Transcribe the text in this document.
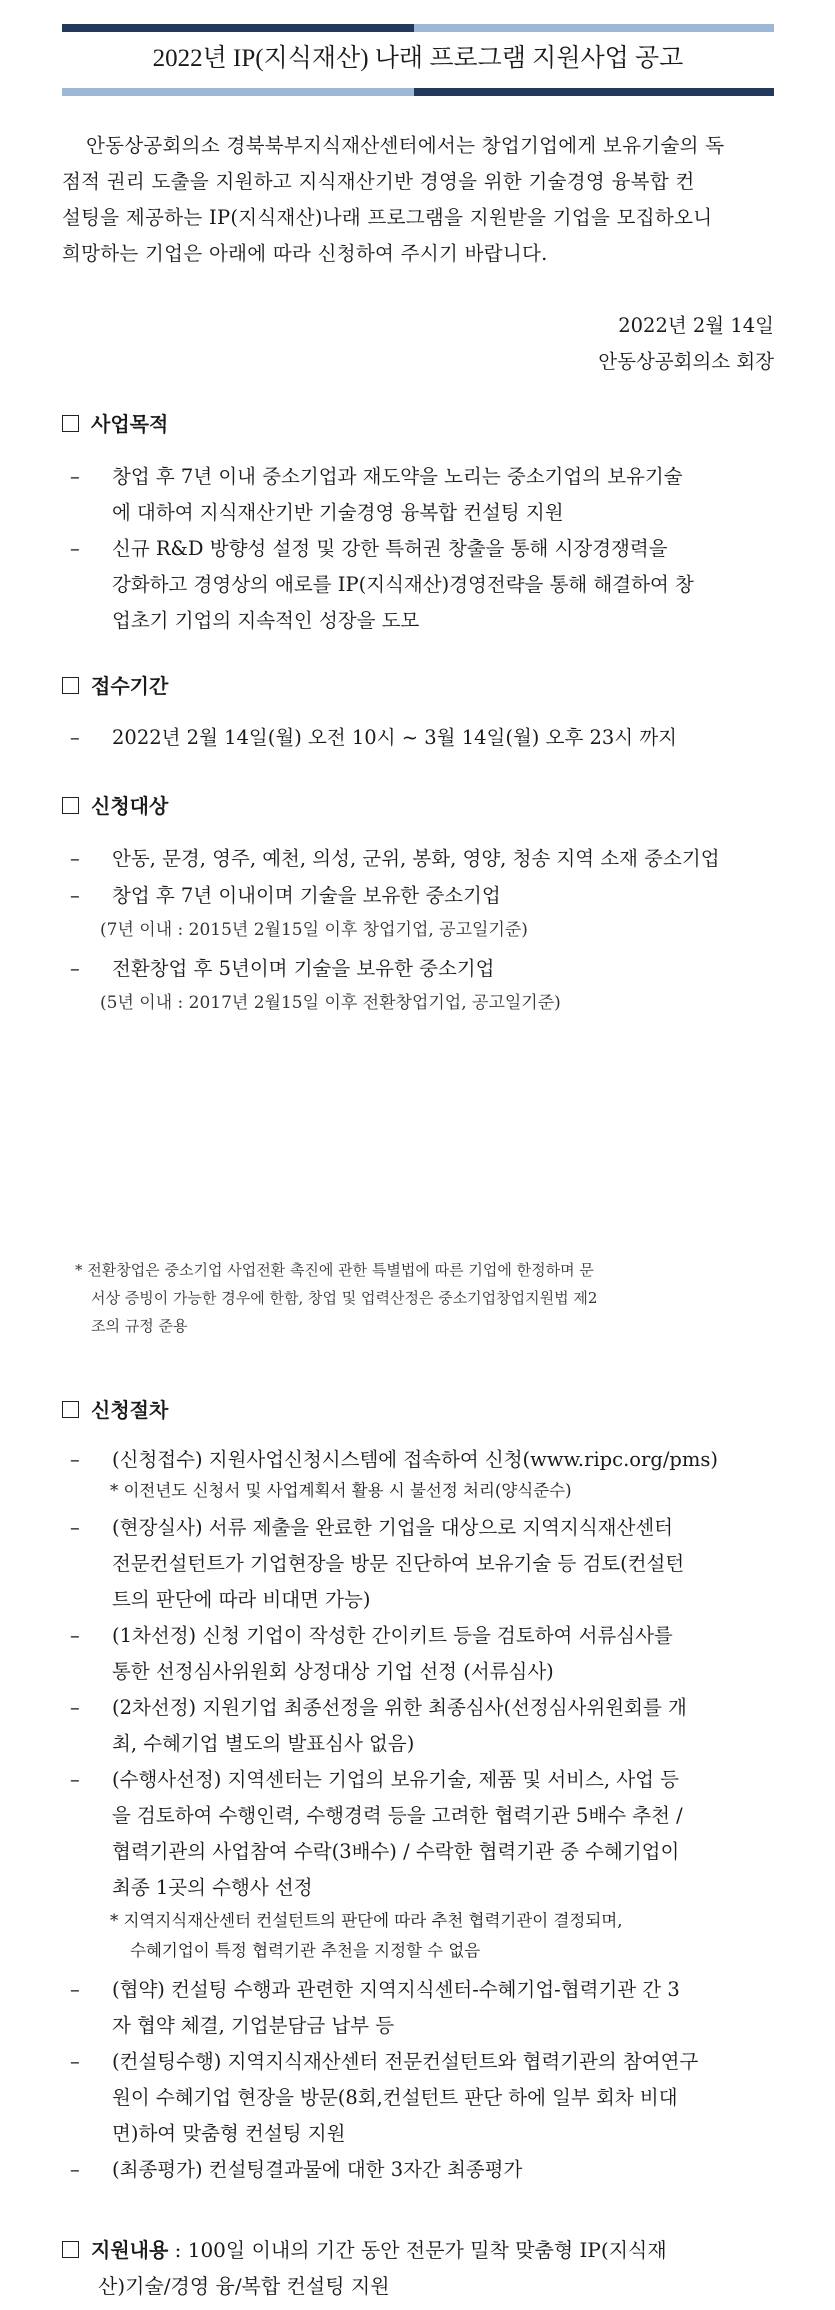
2022년 IP(지식재산) 나래 프로그램 지원사업 공고
안동상공회의소 경북북부지식재산센터에서는 창업기업에게 보유기술의 독
점적 권리 도출을 지원하고 지식재산기반 경영을 위한 기술경영 융복합 컨
설팅을 제공하는 IP(지식재산)나래 프로그램을 지원받을 기업을 모집하오니
희망하는 기업은 아래에 따라 신청하여 주시기 바랍니다.
2022년 2월 14일
안동상공회의소 회장
사업목적
– 창업 후 7년 이내 중소기업과 재도약을 노리는 중소기업의 보유기술
에 대하여 지식재산기반 기술경영 융복합 컨설팅 지원
– 신규 R&D 방향성 설정 및 강한 특허권 창출을 통해 시장경쟁력을
강화하고 경영상의 애로를 IP(지식재산)경영전략을 통해 해결하여 창
업초기 기업의 지속적인 성장을 도모
접수기간
– 2022년 2월 14일(월) 오전 10시 ~ 3월 14일(월) 오후 23시 까지
신청대상
– 안동, 문경, 영주, 예천, 의성, 군위, 봉화, 영양, 청송 지역 소재 중소기업
– 창업 후 7년 이내이며 기술을 보유한 중소기업
(7년 이내 : 2015년 2월15일 이후 창업기업, 공고일기준)
– 전환창업 후 5년이며 기술을 보유한 중소기업
(5년 이내 : 2017년 2월15일 이후 전환창업기업, 공고일기준)
* 전환창업은 중소기업 사업전환 촉진에 관한 특별법에 따른 기업에 한정하며 문
서상 증빙이 가능한 경우에 한함, 창업 및 업력산정은 중소기업창업지원법 제2
조의 규정 준용
신청절차
– (신청접수) 지원사업신청시스템에 접속하여 신청(www.ripc.org/pms)
* 이전년도 신청서 및 사업계획서 활용 시 불선정 처리(양식준수)
– (현장실사) 서류 제출을 완료한 기업을 대상으로 지역지식재산센터
전문컨설턴트가 기업현장을 방문 진단하여 보유기술 등 검토(컨설턴
트의 판단에 따라 비대면 가능)
– (1차선정) 신청 기업이 작성한 간이키트 등을 검토하여 서류심사를
통한 선정심사위원회 상정대상 기업 선정 (서류심사)
– (2차선정) 지원기업 최종선정을 위한 최종심사(선정심사위원회를 개
최, 수혜기업 별도의 발표심사 없음)
– (수행사선정) 지역센터는 기업의 보유기술, 제품 및 서비스, 사업 등
을 검토하여 수행인력, 수행경력 등을 고려한 협력기관 5배수 추천 /
협력기관의 사업참여 수락(3배수) / 수락한 협력기관 중 수혜기업이
최종 1곳의 수행사 선정
* 지역지식재산센터 컨설턴트의 판단에 따라 추천 협력기관이 결정되며,
수혜기업이 특정 협력기관 추천을 지정할 수 없음
– (협약) 컨설팅 수행과 관련한 지역지식센터-수혜기업-협력기관 간 3
자 협약 체결, 기업분담금 납부 등
– (컨설팅수행) 지역지식재산센터 전문컨설턴트와 협력기관의 참여연구
원이 수혜기업 현장을 방문(8회,컨설턴트 판단 하에 일부 회차 비대
면)하여 맞춤형 컨설팅 지원
– (최종평가) 컨설팅결과물에 대한 3자간 최종평가
지원내용 : 100일 이내의 기간 동안 전문가 밀착 맞춤형 IP(지식재
산)기술/경영 융/복합 컨설팅 지원
